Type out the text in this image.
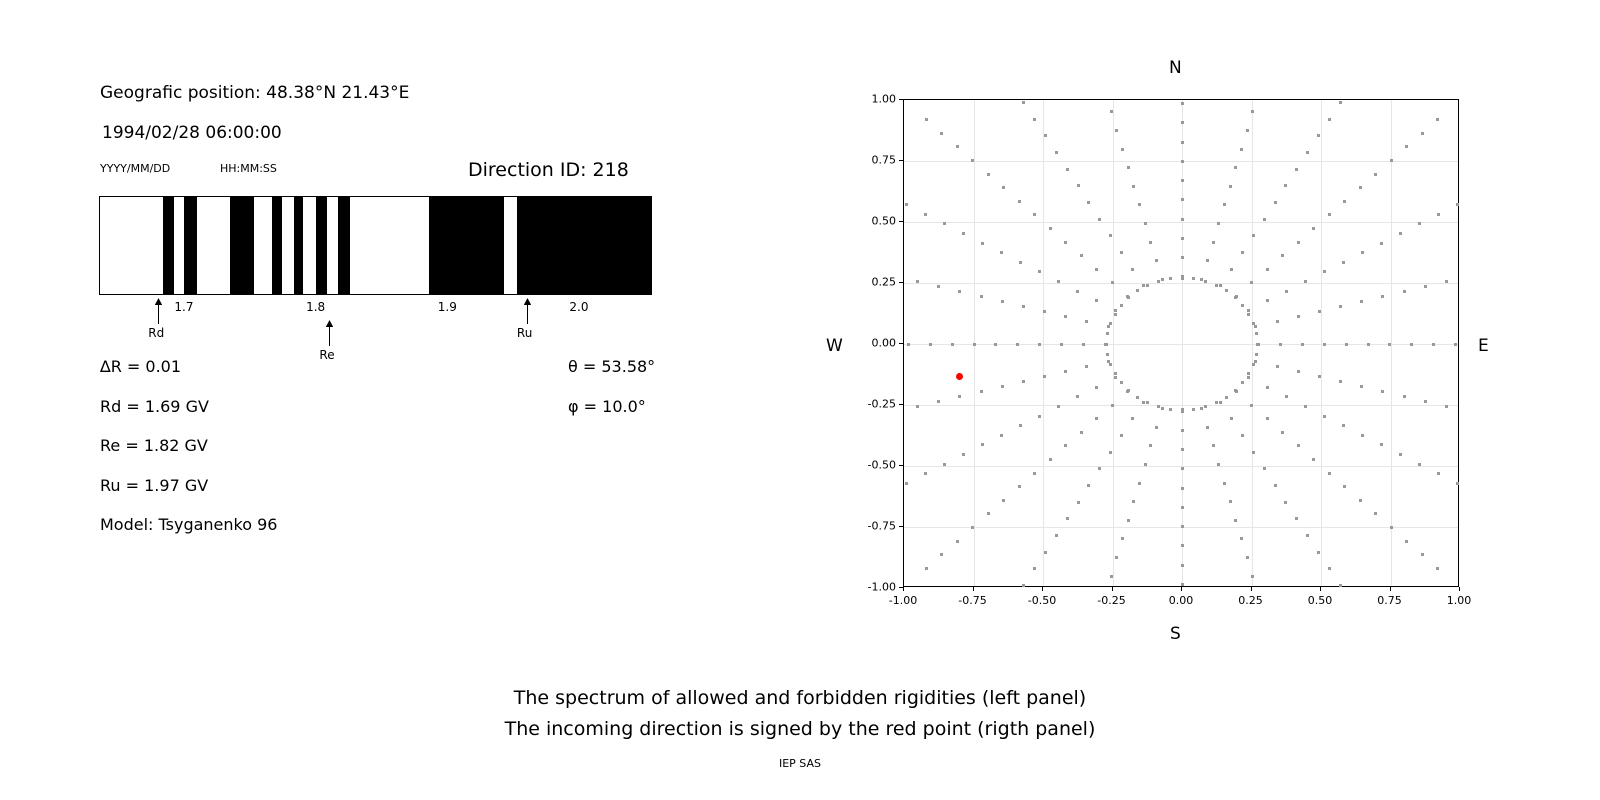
Geografic position: 48.38°N 21.43°E
1994/02/28 06:00:00
YYYY/MM/DD	HH:MM:SS	Direction ID: 218
1.7	1.8	1.9	2.0
Rd
Re
Ru
∆R = 0.01
Rd = 1.69 GV
Re = 1.82 GV
Ru = 1.97 GV
Model: Tsyganenko 96
θ = 53.58°
φ = 10.0°
-1.00	-0.75	-0.50	-0.25	0.00	0.25	0.50	0.75	1.00
-1.00
-0.75
-0.50
-0.25
0.00
0.25
0.50
0.75
1.00
N
S
E
W
The spectrum of allowed and forbidden rigidities (left panel)
The incoming direction is signed by the red point (rigth panel)
IEP SAS
